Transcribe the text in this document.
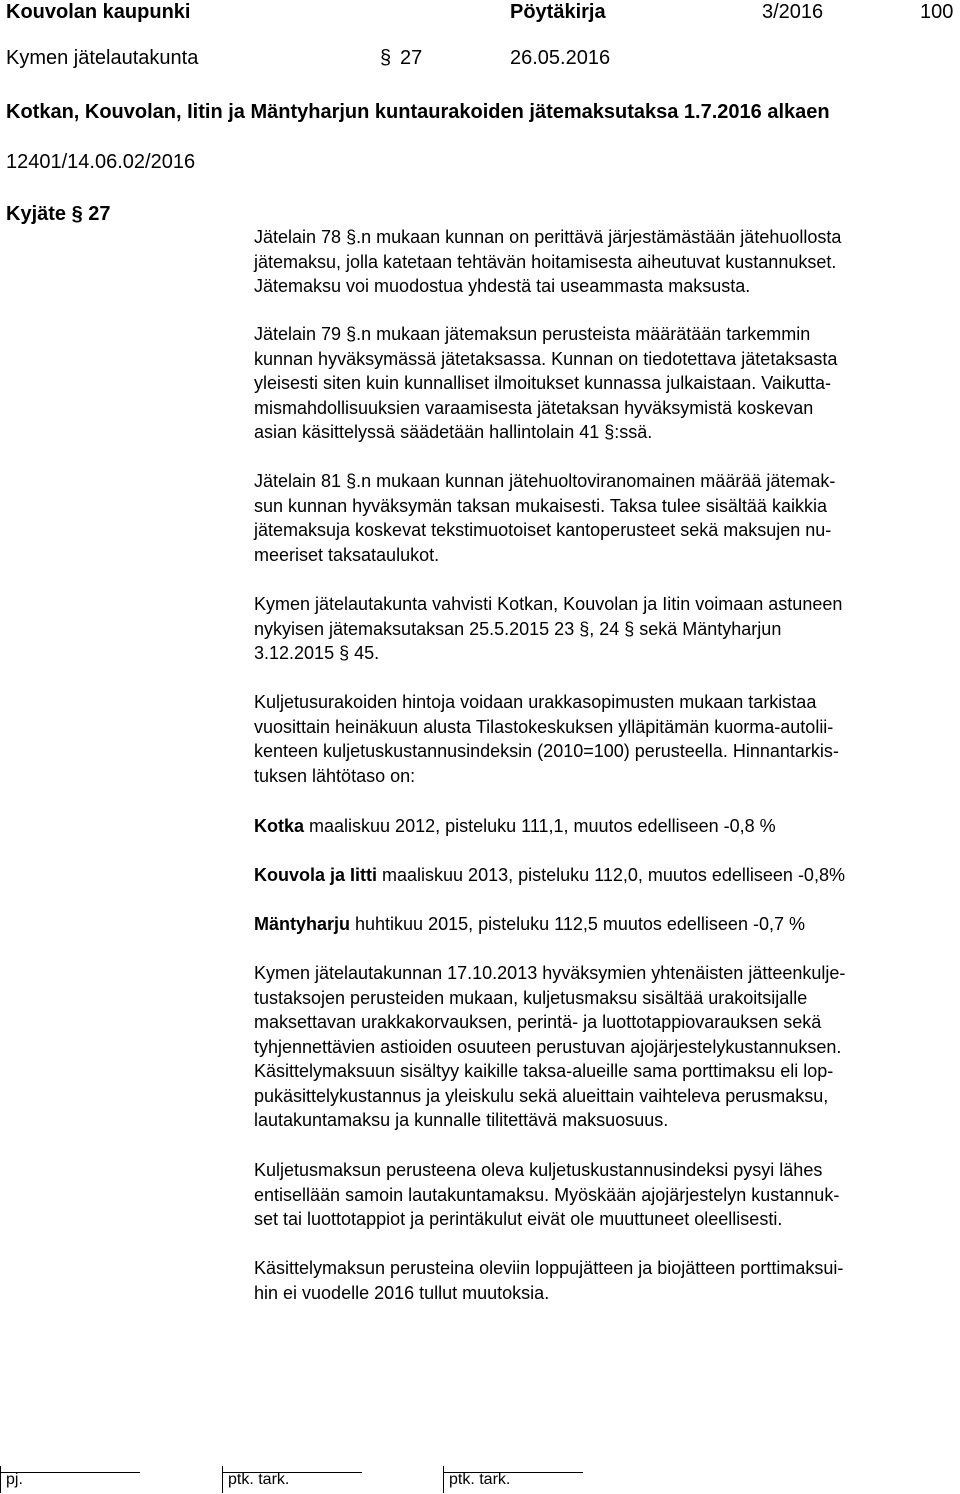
Kouvolan kaupunki	Pöytäkirja	3/2016	100
Kymen jätelautakunta	§ 27	26.05.2016
Kotkan, Kouvolan, Iitin ja Mäntyharjun kuntaurakoiden jätemaksutaksa 1.7.2016 alkaen
12401/14.06.02/2016
Kyjäte § 27
Jätelain 78 §.n mukaan kunnan on perittävä järjestämästään jätehuollosta
jätemaksu, jolla katetaan tehtävän hoitamisesta aiheutuvat kustannukset.
Jätemaksu voi muodostua yhdestä tai useammasta maksusta.
Jätelain 79 §.n mukaan jätemaksun perusteista määrätään tarkemmin
kunnan hyväksymässä jätetaksassa. Kunnan on tiedotettava jätetaksasta
yleisesti siten kuin kunnalliset ilmoitukset kunnassa julkaistaan. Vaikutta-
mismahdollisuuksien varaamisesta jätetaksan hyväksymistä koskevan
asian käsittelyssä säädetään hallintolain 41 §:ssä.
Jätelain 81 §.n mukaan kunnan jätehuoltoviranomainen määrää jätemak-
sun kunnan hyväksymän taksan mukaisesti. Taksa tulee sisältää kaikkia
jätemaksuja koskevat tekstimuotoiset kantoperusteet sekä maksujen nu-
meeriset taksataulukot.
Kymen jätelautakunta vahvisti Kotkan, Kouvolan ja Iitin voimaan astuneen
nykyisen jätemaksutaksan 25.5.2015 23 §, 24 § sekä Mäntyharjun
3.12.2015 § 45.
Kuljetusurakoiden hintoja voidaan urakkasopimusten mukaan tarkistaa
vuosittain heinäkuun alusta Tilastokeskuksen ylläpitämän kuorma-autolii-
kenteen kuljetuskustannusindeksin (2010=100) perusteella. Hinnantarkis-
tuksen lähtötaso on:
Kotka maaliskuu 2012, pisteluku 111,1, muutos edelliseen -0,8 %
Kouvola ja Iitti maaliskuu 2013, pisteluku 112,0, muutos edelliseen -0,8%
Mäntyharju huhtikuu 2015, pisteluku 112,5 muutos edelliseen -0,7 %
Kymen jätelautakunnan 17.10.2013 hyväksymien yhtenäisten jätteenkulje-
tustaksojen perusteiden mukaan, kuljetusmaksu sisältää urakoitsijalle
maksettavan urakkakorvauksen, perintä- ja luottotappiovarauksen sekä
tyhjennettävien astioiden osuuteen perustuvan ajojärjestelykustannuksen.
Käsittelymaksuun sisältyy kaikille taksa-alueille sama porttimaksu eli lop-
pukäsittelykustannus ja yleiskulu sekä alueittain vaihteleva perusmaksu,
lautakuntamaksu ja kunnalle tilitettävä maksuosuus.
Kuljetusmaksun perusteena oleva kuljetuskustannusindeksi pysyi lähes
entisellään samoin lautakuntamaksu. Myöskään ajojärjestelyn kustannuk-
set tai luottotappiot ja perintäkulut eivät ole muuttuneet oleellisesti.
Käsittelymaksun perusteina oleviin loppujätteen ja biojätteen porttimaksui-
hin ei vuodelle 2016 tullut muutoksia.
pj.	ptk. tark.	ptk. tark.
